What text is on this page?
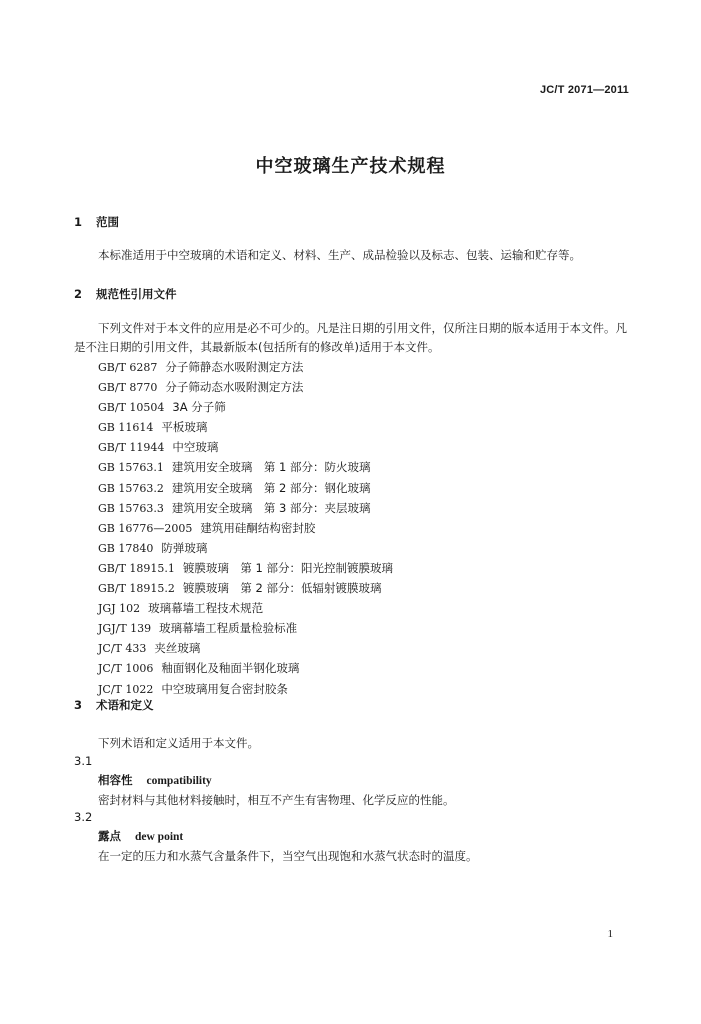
JC/T 2071—2011
中空玻璃生产技术规程
1 范围
本标准适用于中空玻璃的术语和定义、材料、生产、成品检验以及标志、包装、运输和贮存等。
2 规范性引用文件
下列文件对于本文件的应用是必不可少的。凡是注日期的引用文件，仅所注日期的版本适用于本文件。凡是不注日期的引用文件，其最新版本(包括所有的修改单)适用于本文件。
GB/T 6287 分子筛静态水吸附测定方法
GB/T 8770 分子筛动态水吸附测定方法
GB/T 10504 3A 分子筛
GB 11614 平板玻璃
GB/T 11944 中空玻璃
GB 15763.1 建筑用安全玻璃　第 1 部分：防火玻璃
GB 15763.2 建筑用安全玻璃　第 2 部分：钢化玻璃
GB 15763.3 建筑用安全玻璃　第 3 部分：夹层玻璃
GB 16776—2005 建筑用硅酮结构密封胶
GB 17840 防弹玻璃
GB/T 18915.1 镀膜玻璃　第 1 部分：阳光控制镀膜玻璃
GB/T 18915.2 镀膜玻璃　第 2 部分：低辐射镀膜玻璃
JGJ 102 玻璃幕墙工程技术规范
JGJ/T 139 玻璃幕墙工程质量检验标准
JC/T 433 夹丝玻璃
JC/T 1006 釉面钢化及釉面半钢化玻璃
JC/T 1022 中空玻璃用复合密封胶条
3 术语和定义
下列术语和定义适用于本文件。
3.1
相容性 compatibility
密封材料与其他材料接触时，相互不产生有害物理、化学反应的性能。
3.2
露点 dew point
在一定的压力和水蒸气含量条件下，当空气出现饱和水蒸气状态时的温度。
1
